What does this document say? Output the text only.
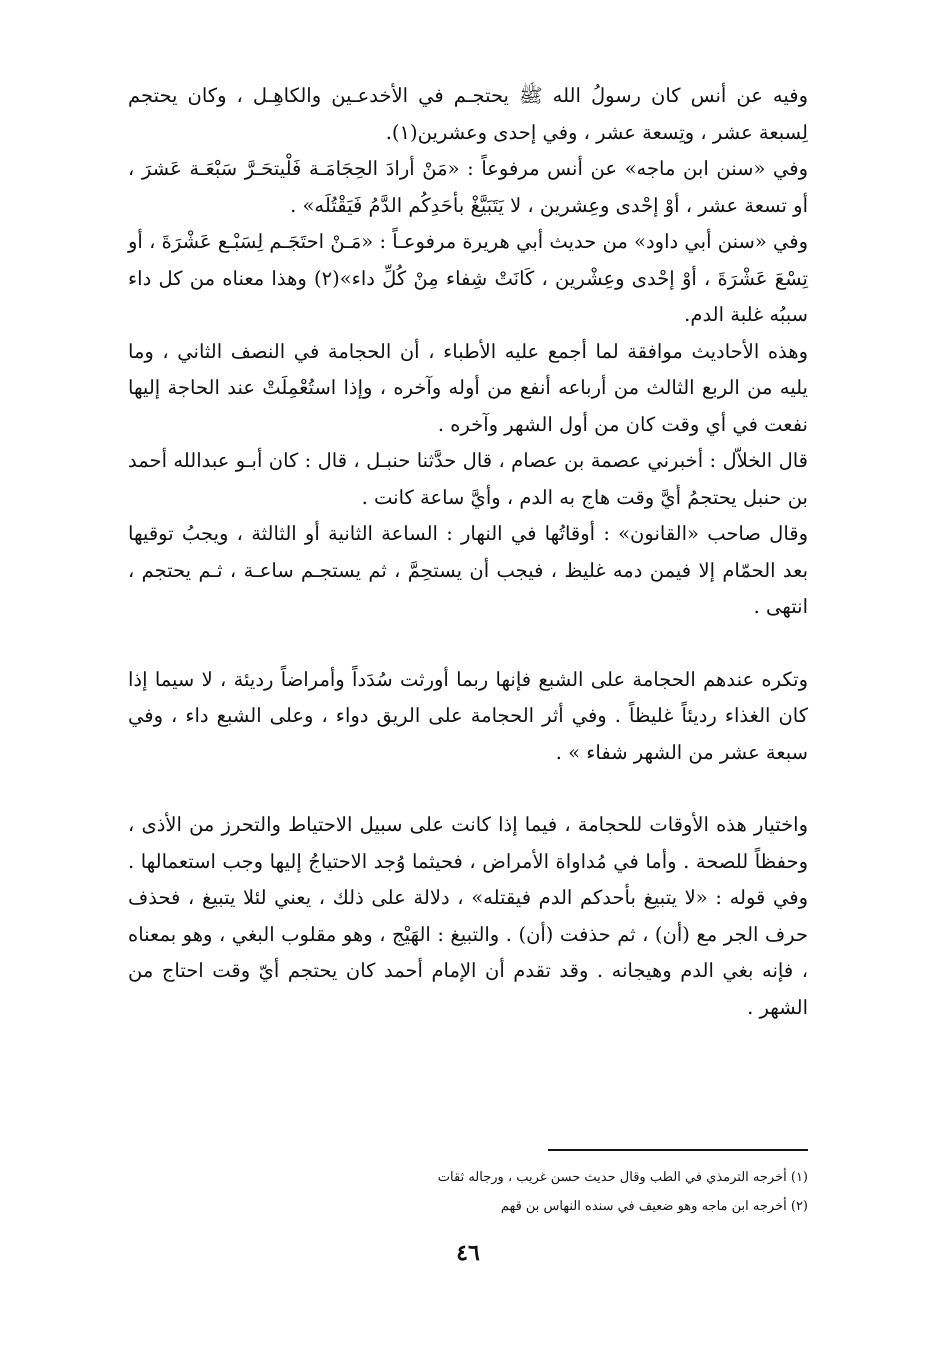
وفيه عن أنس كان رسولُ الله ﷺ يحتجـم في الأخدعـين والكاهِـل ، وكان يحتجم لِسبعة عشر ، وتِسعة عشر ، وفي إحدى وعشرين(١).

وفي «سنن ابن ماجه» عن أنس مرفوعاً : «مَنْ أرادَ الحِجَامَـة فَلْيتحَـرَّ سَبْعَـة عَشرَ ، أو تسعة عشر ، أوْ إحْدى وعِشرين ، لا يَتَبَيَّغْ بأحَدِكُم الدَّمُ فَيَقْتُلَه» .

وفي «سنن أبي داود» من حديث أبي هريرة مرفوعـاً : «مَـنْ احتَجَـم لِسَبْـع عَشْرَةَ ، أو تِسْعَ عَشْرَةَ ، أوْ إحْدى وعِشْرين ، كَانَتْ شِفاء مِنْ كُلِّ داء»(٢) وهذا معناه من كل داء سببُه غلبة الدم.

وهذه الأحاديث موافقة لما أجمع عليه الأطباء ، أن الحجامة في النصف الثاني ، وما يليه من الربع الثالث من أرباعه أنفع من أوله وآخره ، وإذا استُعْمِلَتْ عند الحاجة إليها نفعت في أي وقت كان من أول الشهر وآخره .

قال الخلاّل : أخبرني عصمة بن عصام ، قال حدَّثنا حنبـل ، قال : كان أبـو عبدالله أحمد بن حنبل يحتجمُ أيَّ وقت هاج به الدم ، وأيَّ ساعة كانت .

وقال صاحب «القانون» : أوقاتُها في النهار : الساعة الثانية أو الثالثة ، ويجبُ توقيها بعد الحمّام إلا فيمن دمه غليظ ، فيجب أن يستحِمَّ ، ثم يستجـم ساعـة ، ثـم يحتجم ، انتهى .

وتكره عندهم الحجامة على الشبع فإنها ربما أورثت سُدَداً وأمراضاً رديئة ، لا سيما إذا كان الغذاء رديئاً غليظاً . وفي أثر الحجامة على الريق دواء ، وعلى الشبع داء ، وفي سبعة عشر من الشهر شفاء » .

واختيار هذه الأوقات للحجامة ، فيما إذا كانت على سبيل الاحتياط والتحرز من الأذى ، وحفظاً للصحة . وأما في مُداواة الأمراض ، فحيثما وُجد الاحتياجُ إليها وجب استعمالها . وفي قوله : «لا يتبيغ بأحدكم الدم فيقتله» ، دلالة على ذلك ، يعني لئلا يتبيغ ، فحذف حرف الجر مع (أن) ، ثم حذفت (أن) . والتبيغ : الهَيْج ، وهو مقلوب البغي ، وهو بمعناه ، فإنه بغي الدم وهيجانه . وقد تقدم أن الإمام أحمد كان يحتجم أيّ وقت احتاج من الشهر .

(١) أخرجه الترمذي في الطب وقال حديث حسن غريب ، ورجاله ثقات
(٢) أخرجه ابن ماجه وهو ضعيف في سنده النهاس بن قهم
٤٦
